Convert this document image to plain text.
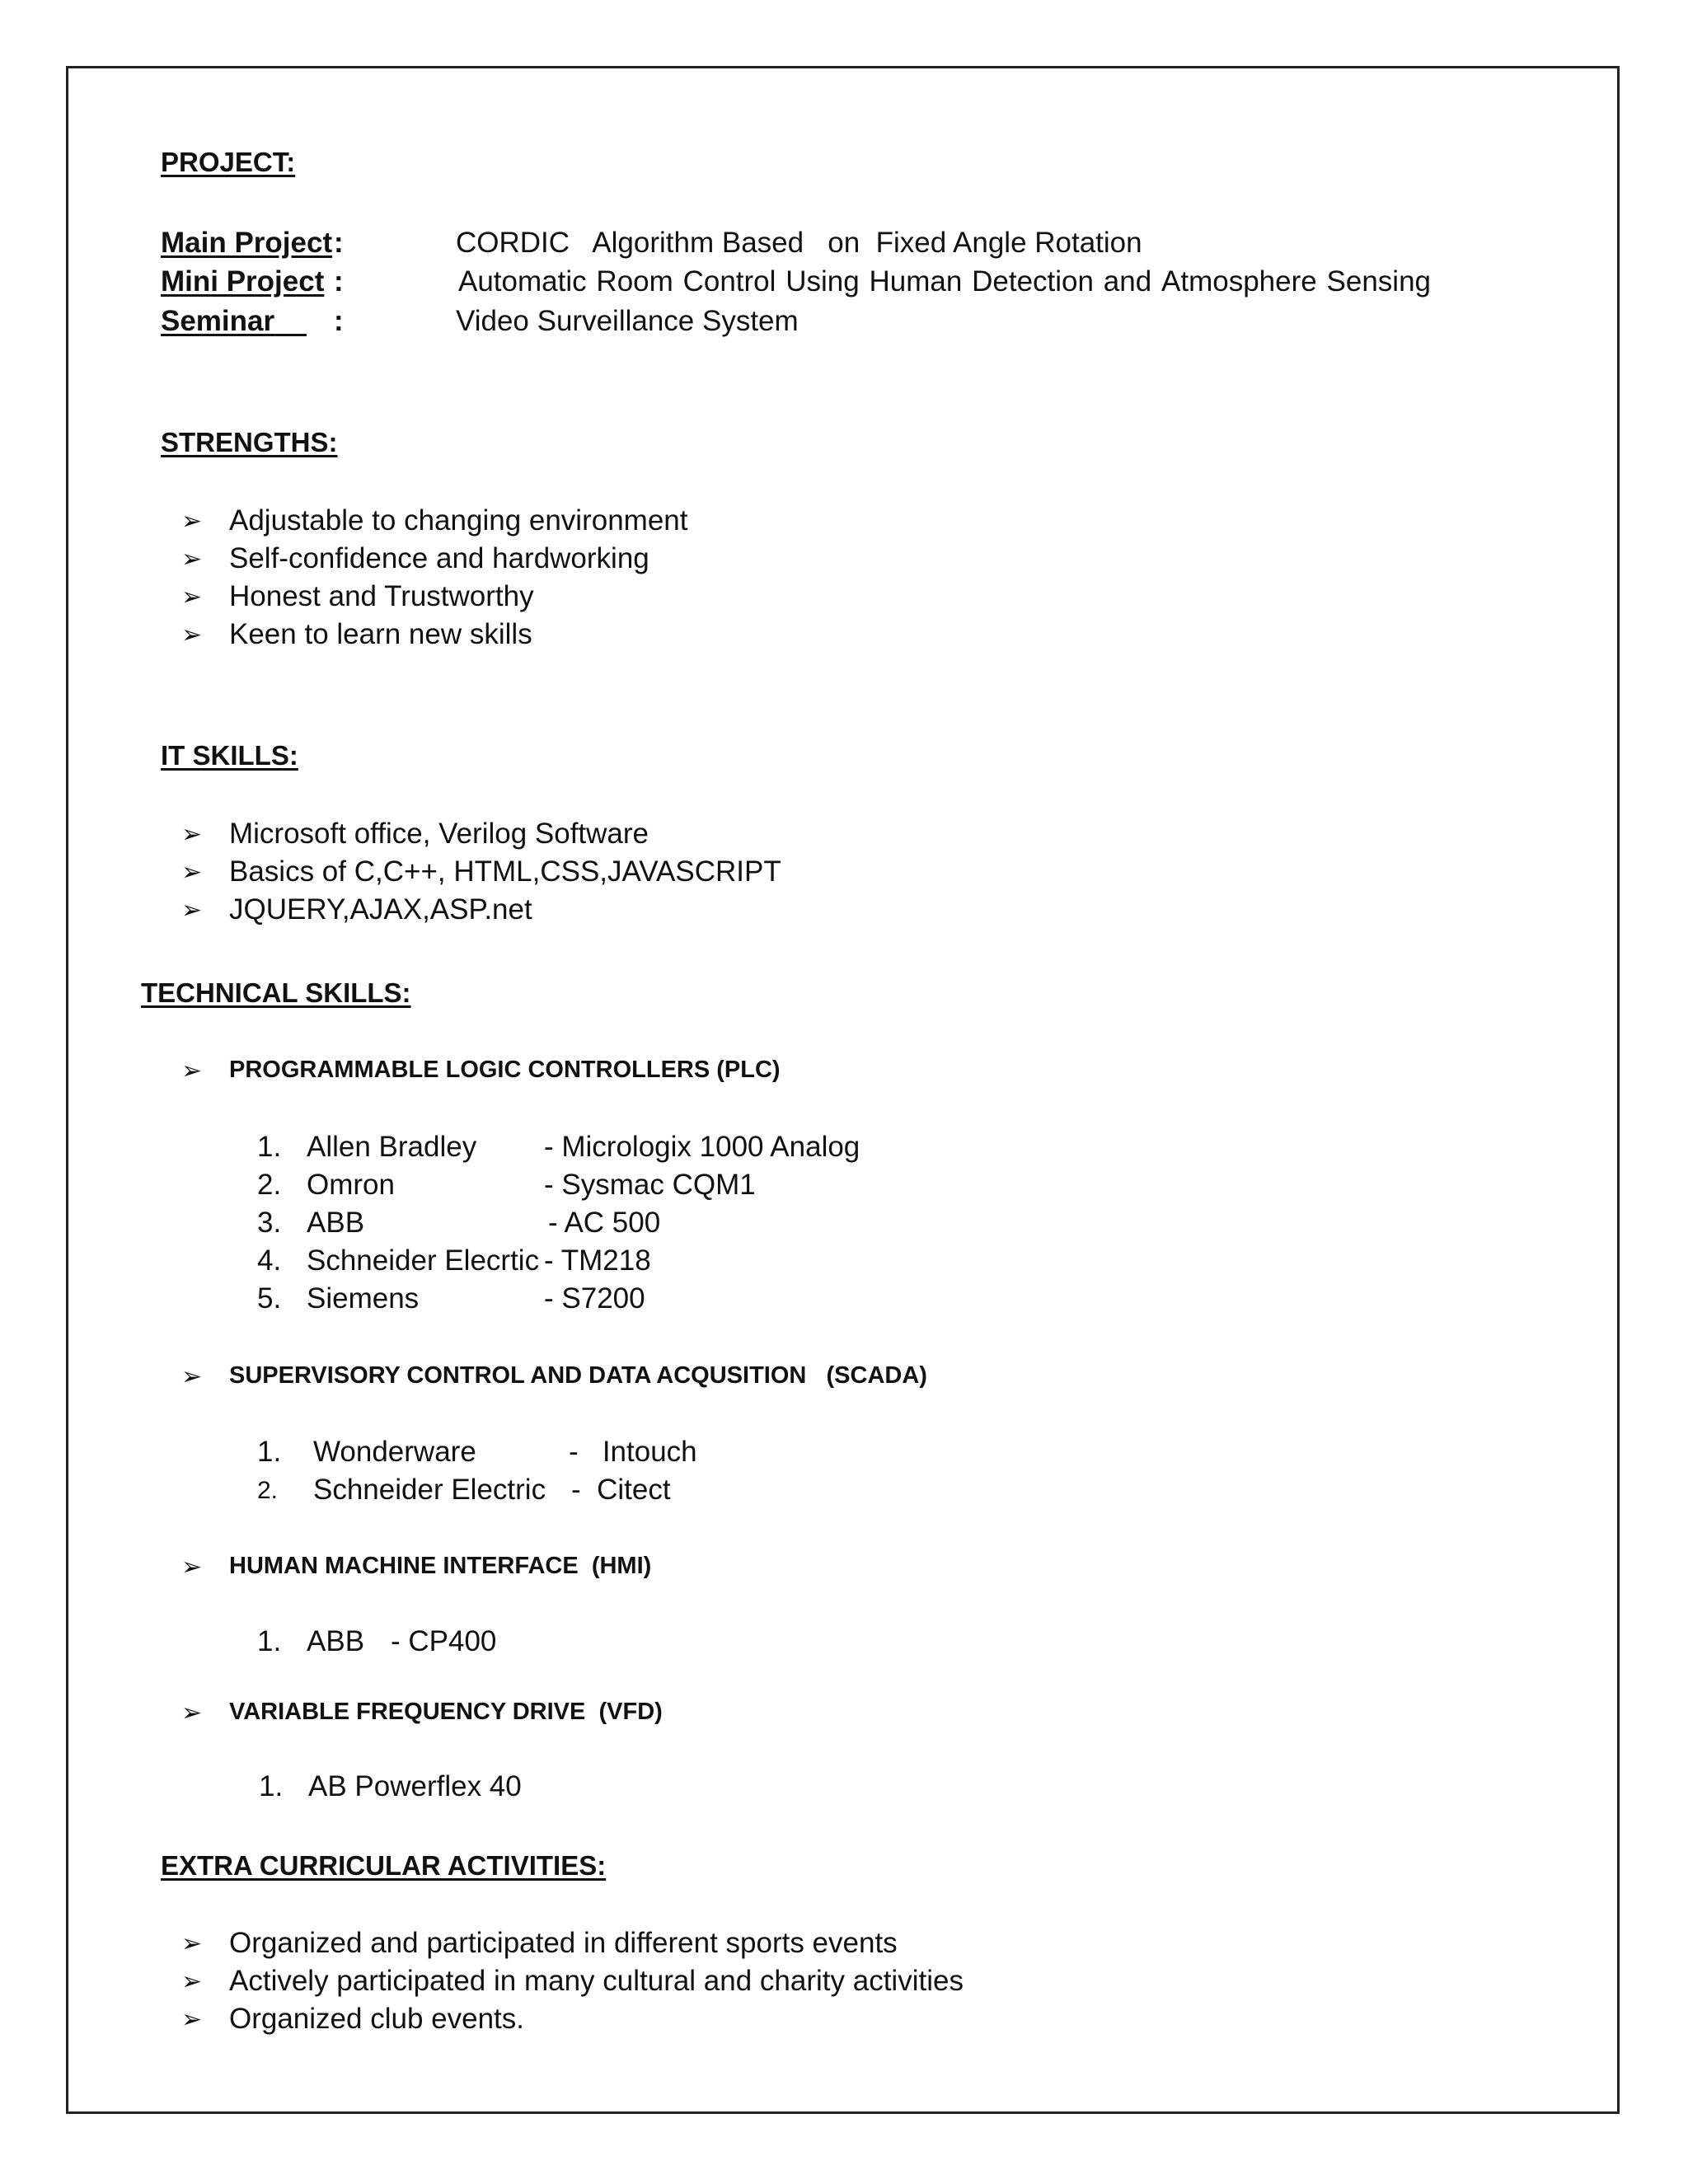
PROJECT:
Main Project :	CORDIC   Algorithm Based   on  Fixed Angle Rotation
Mini Project :	Automatic Room Control Using Human Detection and Atmosphere Sensing
Seminar	:	Video Surveillance System
STRENGTHS:
➢ Adjustable to changing environment
➢ Self-confidence and hardworking
➢ Honest and Trustworthy
➢ Keen to learn new skills
IT SKILLS:
➢ Microsoft office, Verilog Software
➢ Basics of C,C++, HTML,CSS,JAVASCRIPT
➢ JQUERY,AJAX,ASP.net
TECHNICAL SKILLS:
➢ PROGRAMMABLE LOGIC CONTROLLERS (PLC)
1. Allen Bradley - Micrologix 1000 Analog
2. Omron	- Sysmac CQM1
3. ABB	- AC 500
4. Schneider Elecrtic - TM218
5. Siemens	- S7200
➢ SUPERVISORY CONTROL AND DATA ACQUSITION   (SCADA)
1. Wonderware	-   Intouch
2. Schneider Electric -  Citect
➢ HUMAN MACHINE INTERFACE  (HMI)
1. ABB - CP400
➢ VARIABLE FREQUENCY DRIVE  (VFD)
1. AB Powerflex 40
EXTRA CURRICULAR ACTIVITIES:
➢ Organized and participated in different sports events
➢ Actively participated in many cultural and charity activities
➢ Organized club events.
